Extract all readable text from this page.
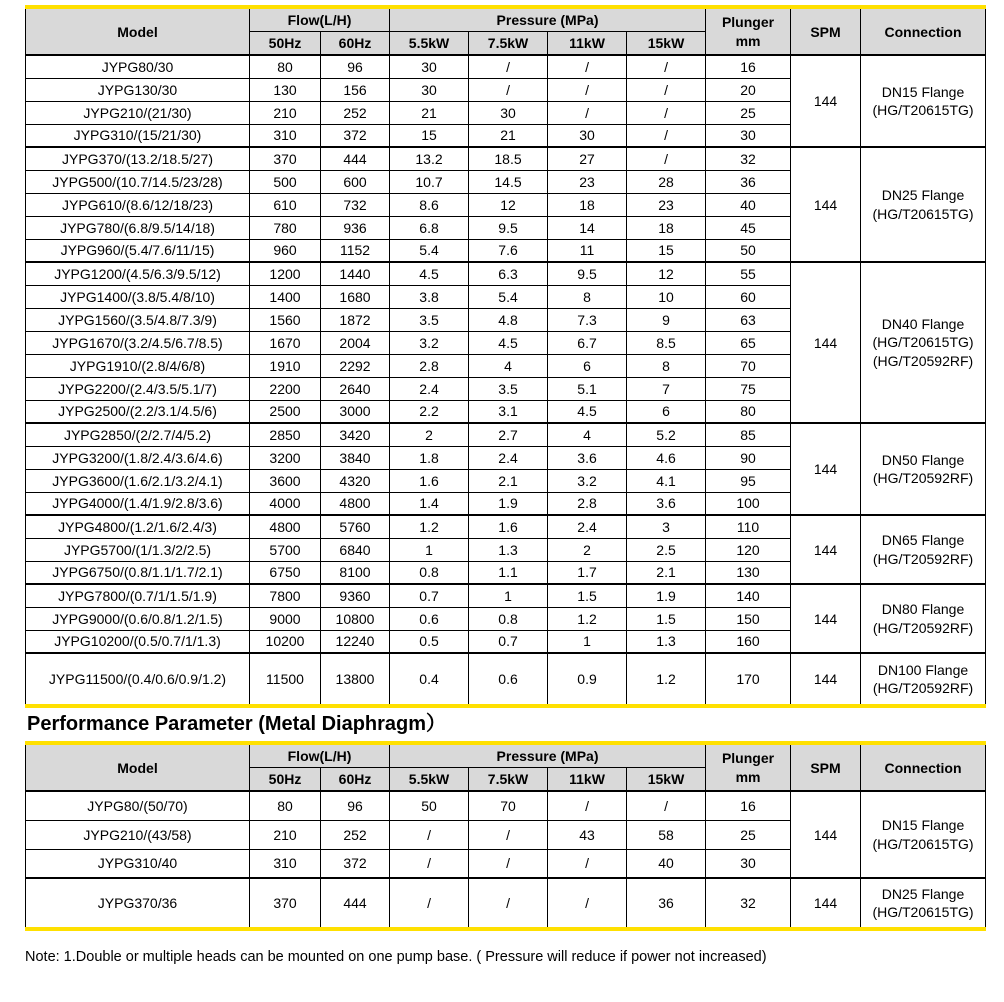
Model	Flow(L/H)		Pressure (MPa)				Plunger
mm	SPM	Connection
	50Hz	60Hz	5.5kW	7.5kW	11kW	15kW			
JYPG80/30	80	96	30	/	/	/	16	144	DN15 Flange
(HG/T20615TG)

JYPG130/30	130	156	30	/	/	/	20		
JYPG210/(21/30)	210	252	21	30	/	/	25		
JYPG310/(15/21/30)	310	372	15	21	30	/	30		
JYPG370/(13.2/18.5/27)	370	444	13.2	18.5	27	/	32	144	DN25 Flange
(HG/T20615TG)

JYPG500/(10.7/14.5/23/28)	500	600	10.7	14.5	23	28	36		
JYPG610/(8.6/12/18/23)	610	732	8.6	12	18	23	40		
JYPG780/(6.8/9.5/14/18)	780	936	6.8	9.5	14	18	45		
JYPG960/(5.4/7.6/11/15)	960	1152	5.4	7.6	11	15	50		
JYPG1200/(4.5/6.3/9.5/12)	1200	1440	4.5	6.3	9.5	12	55	144	DN40 Flange
(HG/T20615TG)
(HG/T20592RF)

JYPG1400/(3.8/5.4/8/10)	1400	1680	3.8	5.4	8	10	60		
JYPG1560/(3.5/4.8/7.3/9)	1560	1872	3.5	4.8	7.3	9	63		
JYPG1670/(3.2/4.5/6.7/8.5)	1670	2004	3.2	4.5	6.7	8.5	65		
JYPG1910/(2.8/4/6/8)	1910	2292	2.8	4	6	8	70		
JYPG2200/(2.4/3.5/5.1/7)	2200	2640	2.4	3.5	5.1	7	75		
JYPG2500/(2.2/3.1/4.5/6)	2500	3000	2.2	3.1	4.5	6	80		
JYPG2850/(2/2.7/4/5.2)	2850	3420	2	2.7	4	5.2	85	144	DN50 Flange
(HG/T20592RF)

JYPG3200/(1.8/2.4/3.6/4.6)	3200	3840	1.8	2.4	3.6	4.6	90		
JYPG3600/(1.6/2.1/3.2/4.1)	3600	4320	1.6	2.1	3.2	4.1	95		
JYPG4000/(1.4/1.9/2.8/3.6)	4000	4800	1.4	1.9	2.8	3.6	100		
JYPG4800/(1.2/1.6/2.4/3)	4800	5760	1.2	1.6	2.4	3	110	144	DN65 Flange
(HG/T20592RF)

JYPG5700/(1/1.3/2/2.5)	5700	6840	1	1.3	2	2.5	120		
JYPG6750/(0.8/1.1/1.7/2.1)	6750	8100	0.8	1.1	1.7	2.1	130		
JYPG7800/(0.7/1/1.5/1.9)	7800	9360	0.7	1	1.5	1.9	140	144	DN80 Flange
(HG/T20592RF)

JYPG9000/(0.6/0.8/1.2/1.5)	9000	10800	0.6	0.8	1.2	1.5	150		
JYPG10200/(0.5/0.7/1/1.3)	10200	12240	0.5	0.7	1	1.3	160		
JYPG11500/(0.4/0.6/0.9/1.2)	11500	13800	0.4	0.6	0.9	1.2	170	144	DN100 Flange
(HG/T20592RF)
Performance Parameter (Metal Diaphragm）
Model	Flow(L/H)		Pressure (MPa)				Plunger
mm	SPM	Connection
	50Hz	60Hz	5.5kW	7.5kW	11kW	15kW			
JYPG80/(50/70)	80	96	50	70	/	/	16	144	DN15 Flange
(HG/T20615TG)

JYPG210/(43/58)	210	252	/	/	43	58	25		
JYPG310/40	310	372	/	/	/	40	30		
JYPG370/36	370	444	/	/	/	36	32	144	DN25 Flange
(HG/T20615TG)

Note: 1.Double or multiple heads can be mounted on one pump base. ( Pressure will reduce if power not increased)
